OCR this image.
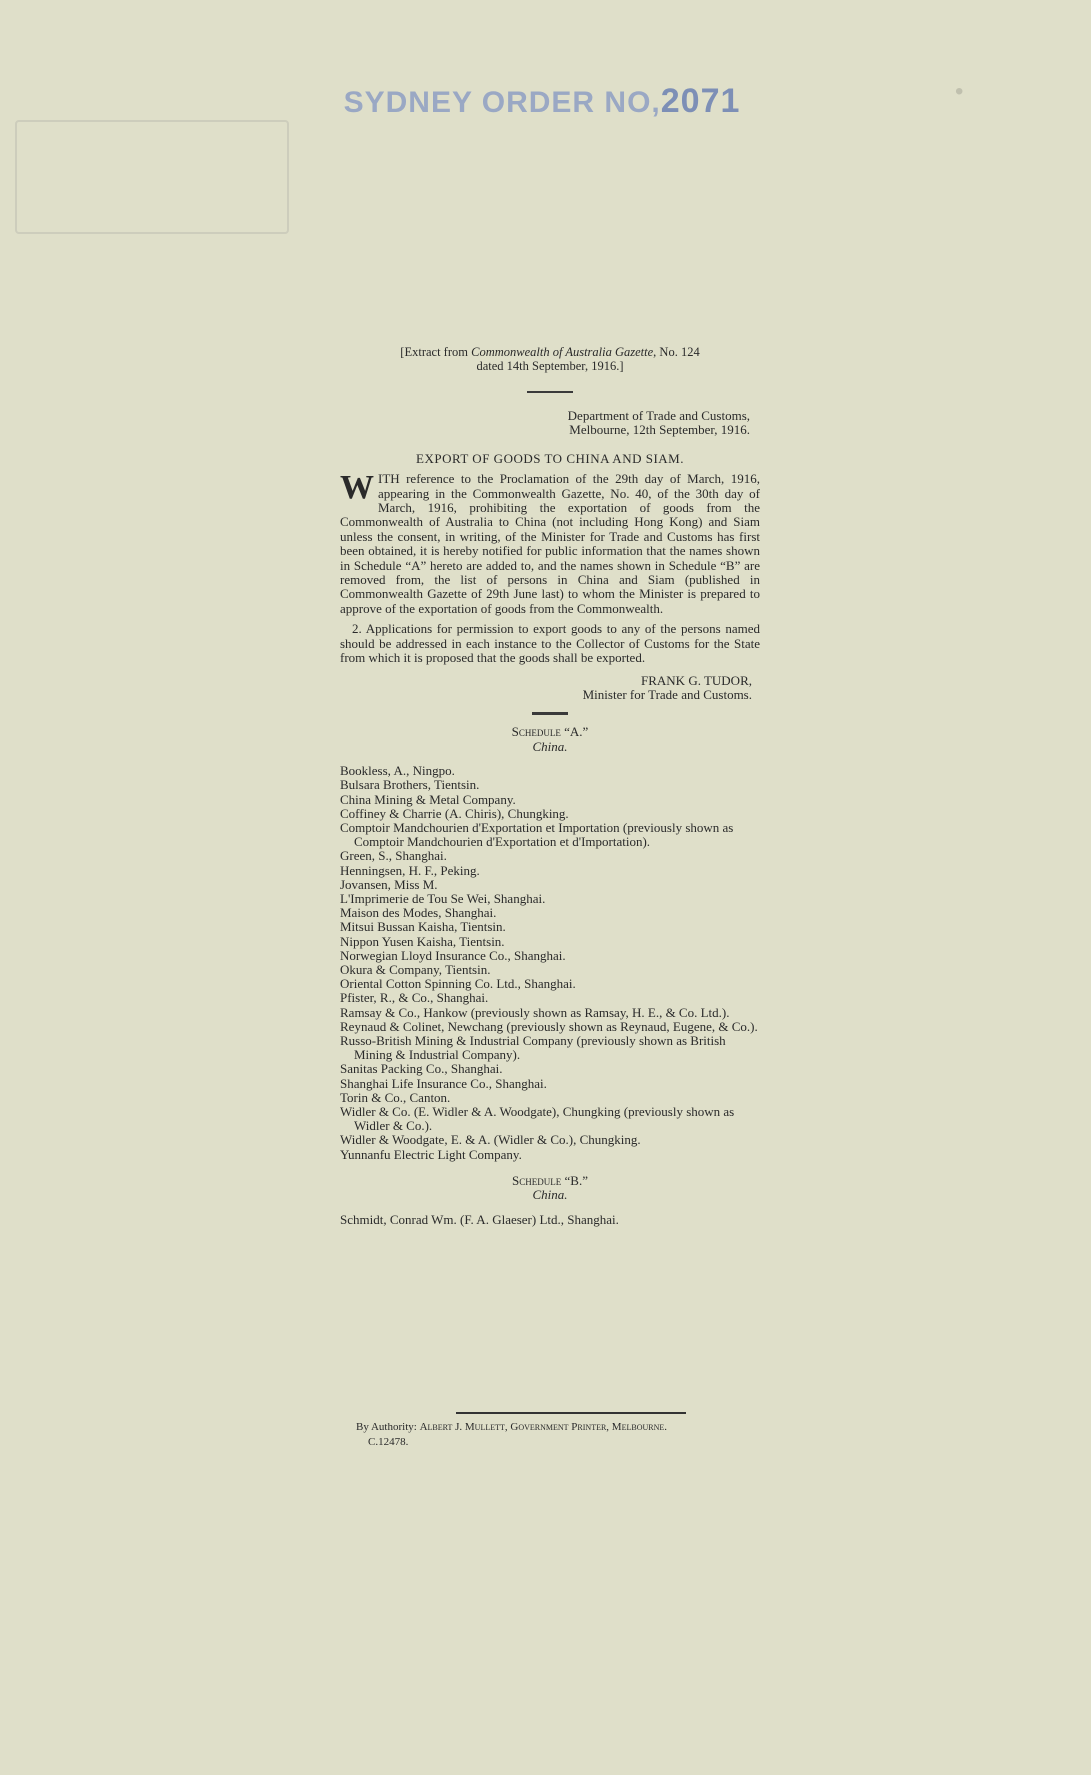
•
SYDNEY ORDER NO,2071
[Extract from Commonwealth of Australia Gazette, No. 124
dated 14th September, 1916.]
Department of Trade and Customs,
Melbourne, 12th September, 1916.
EXPORT OF GOODS TO CHINA AND SIAM.

WITH reference to the Proclamation of the 29th day of March, 1916, appearing in the Commonwealth Gazette, No. 40, of the 30th day of March, 1916, prohibiting the exportation of goods from the Commonwealth of Australia to China (not including Hong Kong) and Siam unless the consent, in writing, of the Minister for Trade and Customs has first been obtained, it is hereby notified for public information that the names shown in Schedule “A” hereto are added to, and the names shown in Schedule “B” are removed from, the list of persons in China and Siam (published in Commonwealth Gazette of 29th June last) to whom the Minister is prepared to approve of the exportation of goods from the Commonwealth.

2. Applications for permission to export goods to any of the persons named should be addressed in each instance to the Collector of Customs for the State from which it is proposed that the goods shall be exported.

FRANK G. TUDOR,
Minister for Trade and Customs.
Schedule “A.”
China.
Bookless, A., Ningpo.
Bulsara Brothers, Tientsin.
China Mining & Metal Company.
Coffiney & Charrie (A. Chiris), Chungking.
Comptoir Mandchourien d'Exportation et Importation (previously shown as Comptoir Mandchourien d'Exportation et d'Importation).
Green, S., Shanghai.
Henningsen, H. F., Peking.
Jovansen, Miss M.
L'Imprimerie de Tou Se Wei, Shanghai.
Maison des Modes, Shanghai.
Mitsui Bussan Kaisha, Tientsin.
Nippon Yusen Kaisha, Tientsin.
Norwegian Lloyd Insurance Co., Shanghai.
Okura & Company, Tientsin.
Oriental Cotton Spinning Co. Ltd., Shanghai.
Pfister, R., & Co., Shanghai.
Ramsay & Co., Hankow (previously shown as Ramsay, H. E., & Co. Ltd.).
Reynaud & Colinet, Newchang (previously shown as Reynaud, Eugene, & Co.).
Russo-British Mining & Industrial Company (previously shown as British Mining & Industrial Company).
Sanitas Packing Co., Shanghai.
Shanghai Life Insurance Co., Shanghai.
Torin & Co., Canton.
Widler & Co. (E. Widler & A. Woodgate), Chungking (previously shown as Widler & Co.).
Widler & Woodgate, E. & A. (Widler & Co.), Chungking.
Yunnanfu Electric Light Company.
Schedule “B.”
China.
Schmidt, Conrad Wm. (F. A. Glaeser) Ltd., Shanghai.
By Authority: Albert J. Mullett, Government Printer, Melbourne.
C.12478.
